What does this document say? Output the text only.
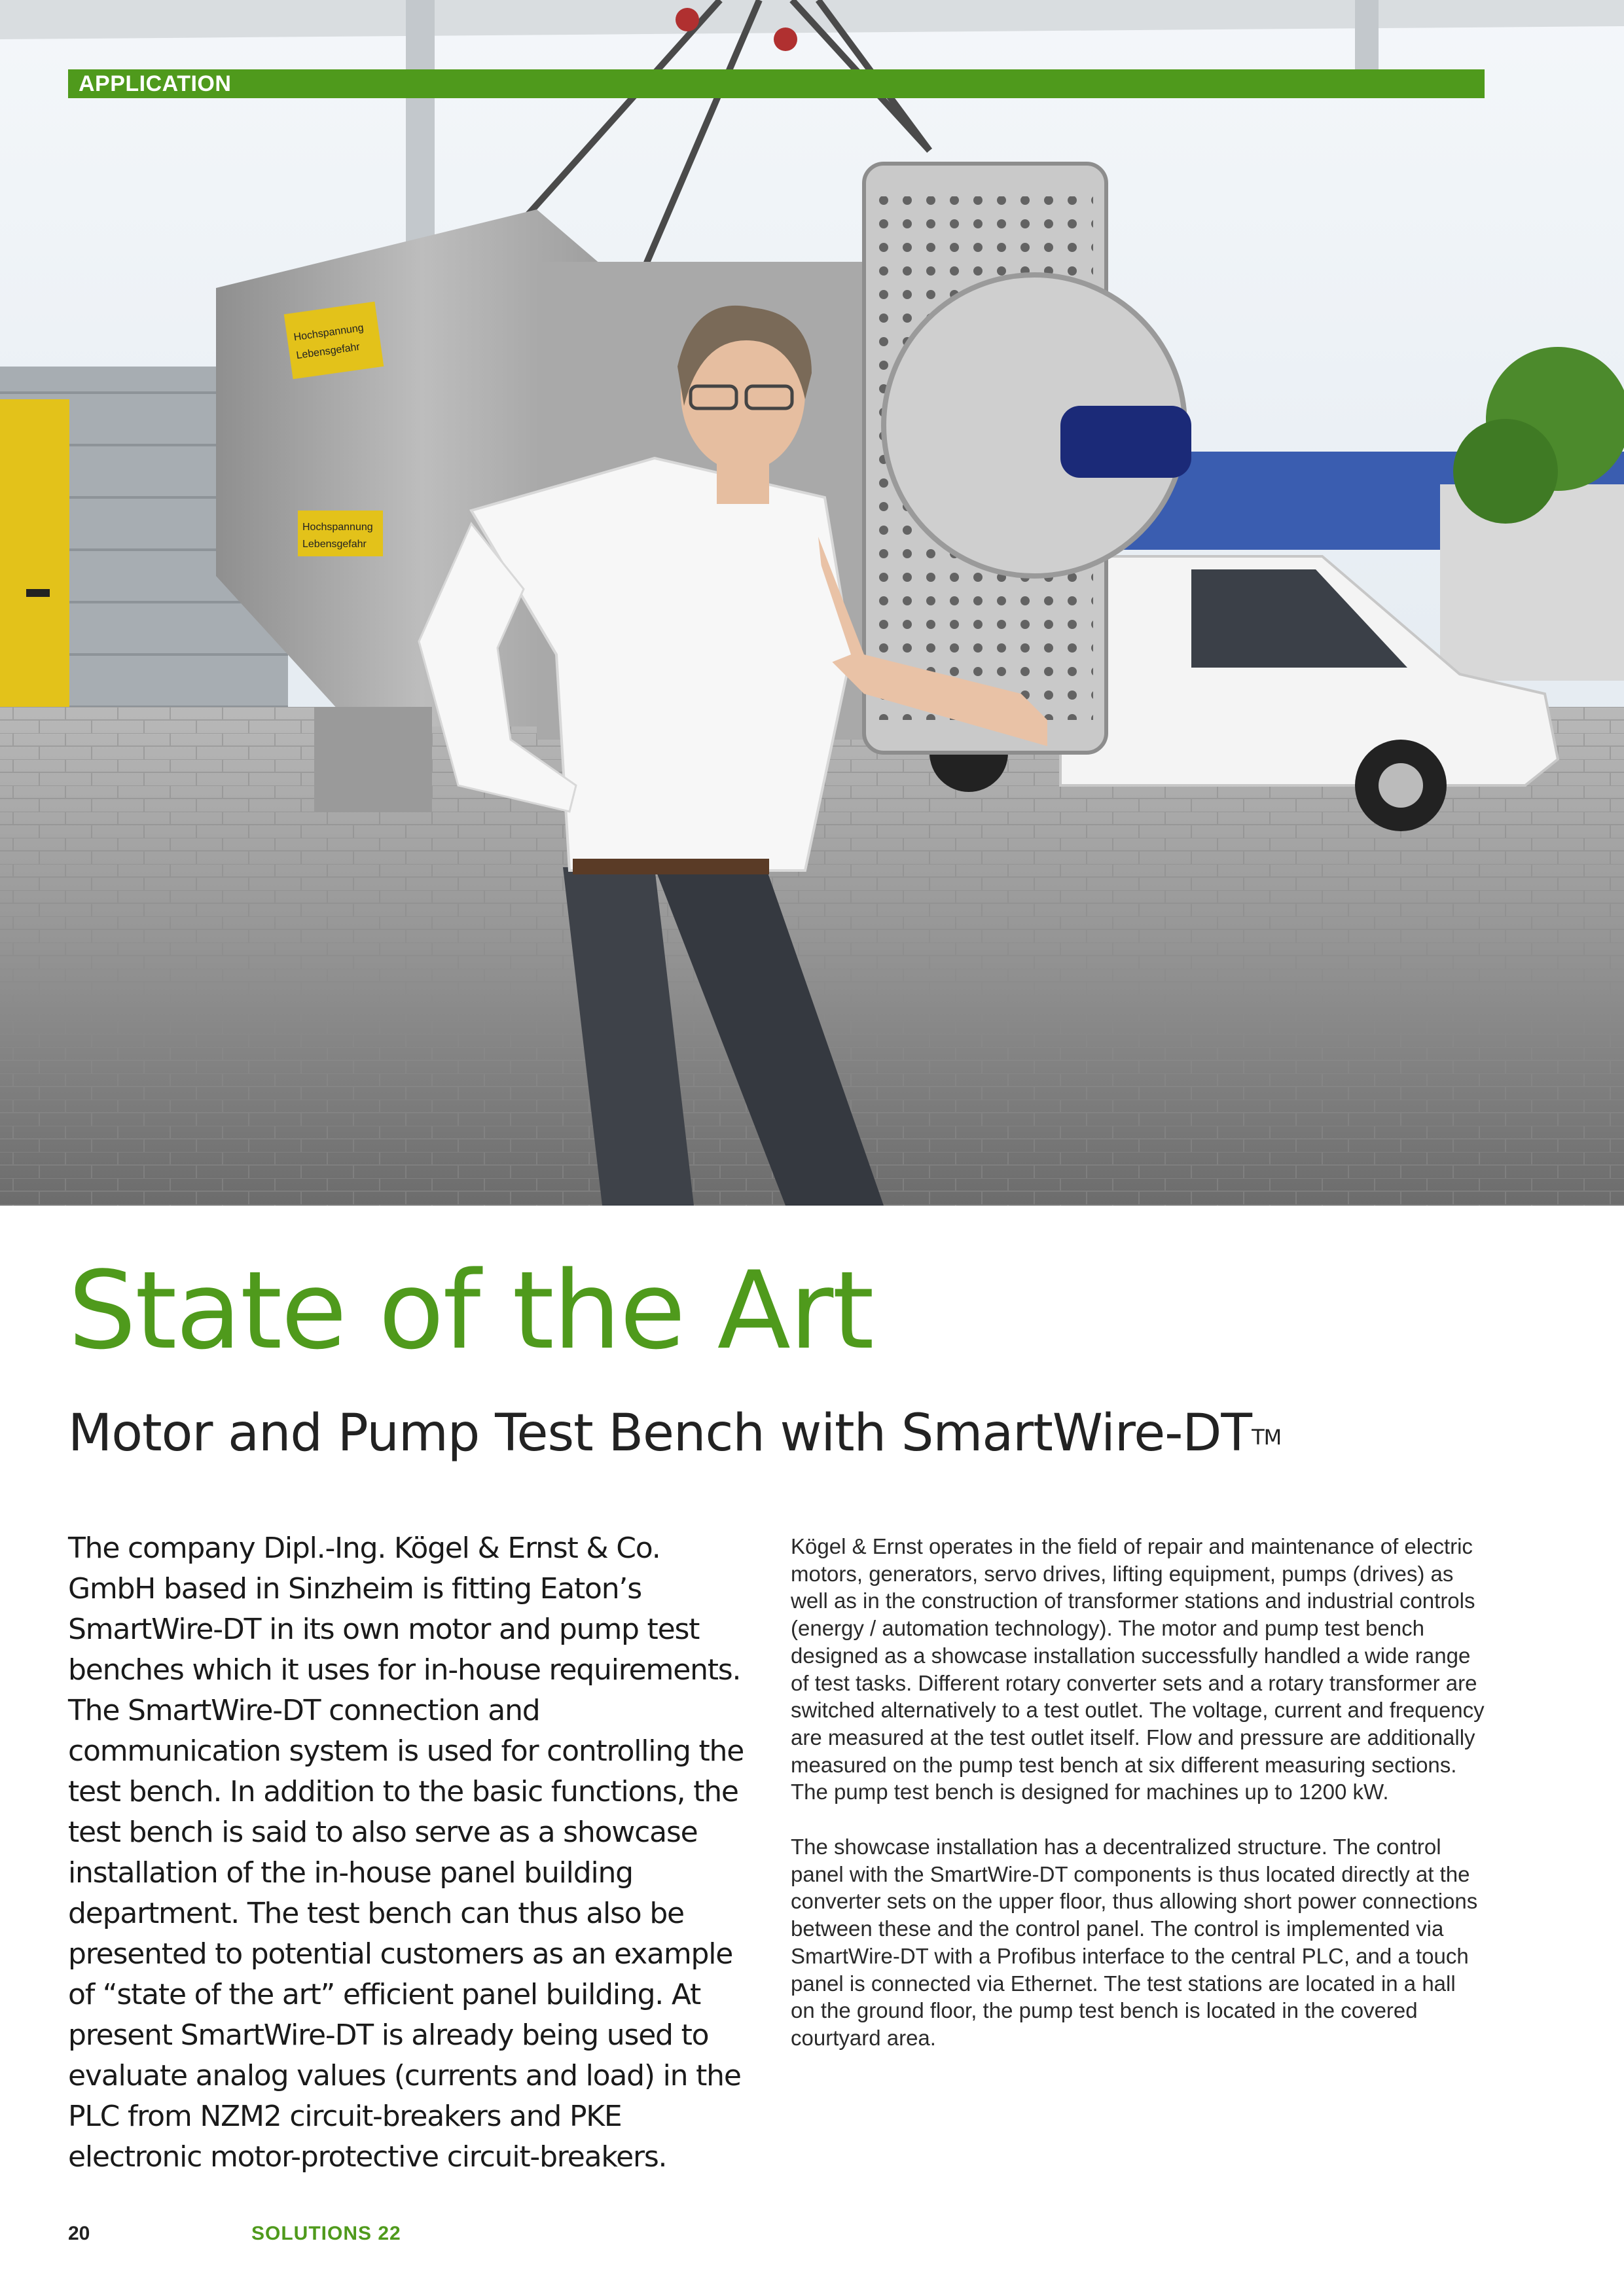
Hochspannung
Lebensgefahr
Hochspannung
Lebensgefahr
APPLICATION
State of the Art
Motor and Pump Test Bench with SmartWire-DT™
The company Dipl.-Ing. Kögel & Ernst & Co. GmbH based in Sinzheim is fitting Eaton’s SmartWire-DT in its own motor and pump test benches which it uses for in-house requirements. The SmartWire-DT connection and communication system is used for controlling the test bench. In addition to the basic functions, the test bench is said to also serve as a showcase installation of the in-house panel building department. The test bench can thus also be presented to potential customers as an example of “state of the art” efficient panel building. At present SmartWire-DT is already being used to evaluate analog values (currents and load) in the PLC from NZM2 circuit-breakers and PKE electronic motor-protective circuit-breakers.

Kögel & Ernst operates in the field of repair and maintenance of electric motors, generators, servo drives, lifting equipment, pumps (drives) as well as in the construction of transformer stations and industrial controls (energy / automation technology). The motor and pump test bench designed as a showcase installation successfully handled a wide range of test tasks. Different rotary converter sets and a rotary transformer are switched alternatively to a test outlet. The voltage, current and frequency are measured at the test outlet itself. Flow and pressure are additionally measured on the pump test bench at six different measuring sections. The pump test bench is designed for machines up to 1200 kW.

The showcase installation has a decentralized structure. The control panel with the SmartWire-DT components is thus located directly at the converter sets on the upper floor, thus allowing short power connections between these and the control panel. The control is implemented via SmartWire-DT with a Profibus interface to the central PLC, and a touch panel is connected via Ethernet. The test stations are located in a hall on the ground floor, the pump test bench is located in the covered courtyard area.

20	SOLUTIONS 22
